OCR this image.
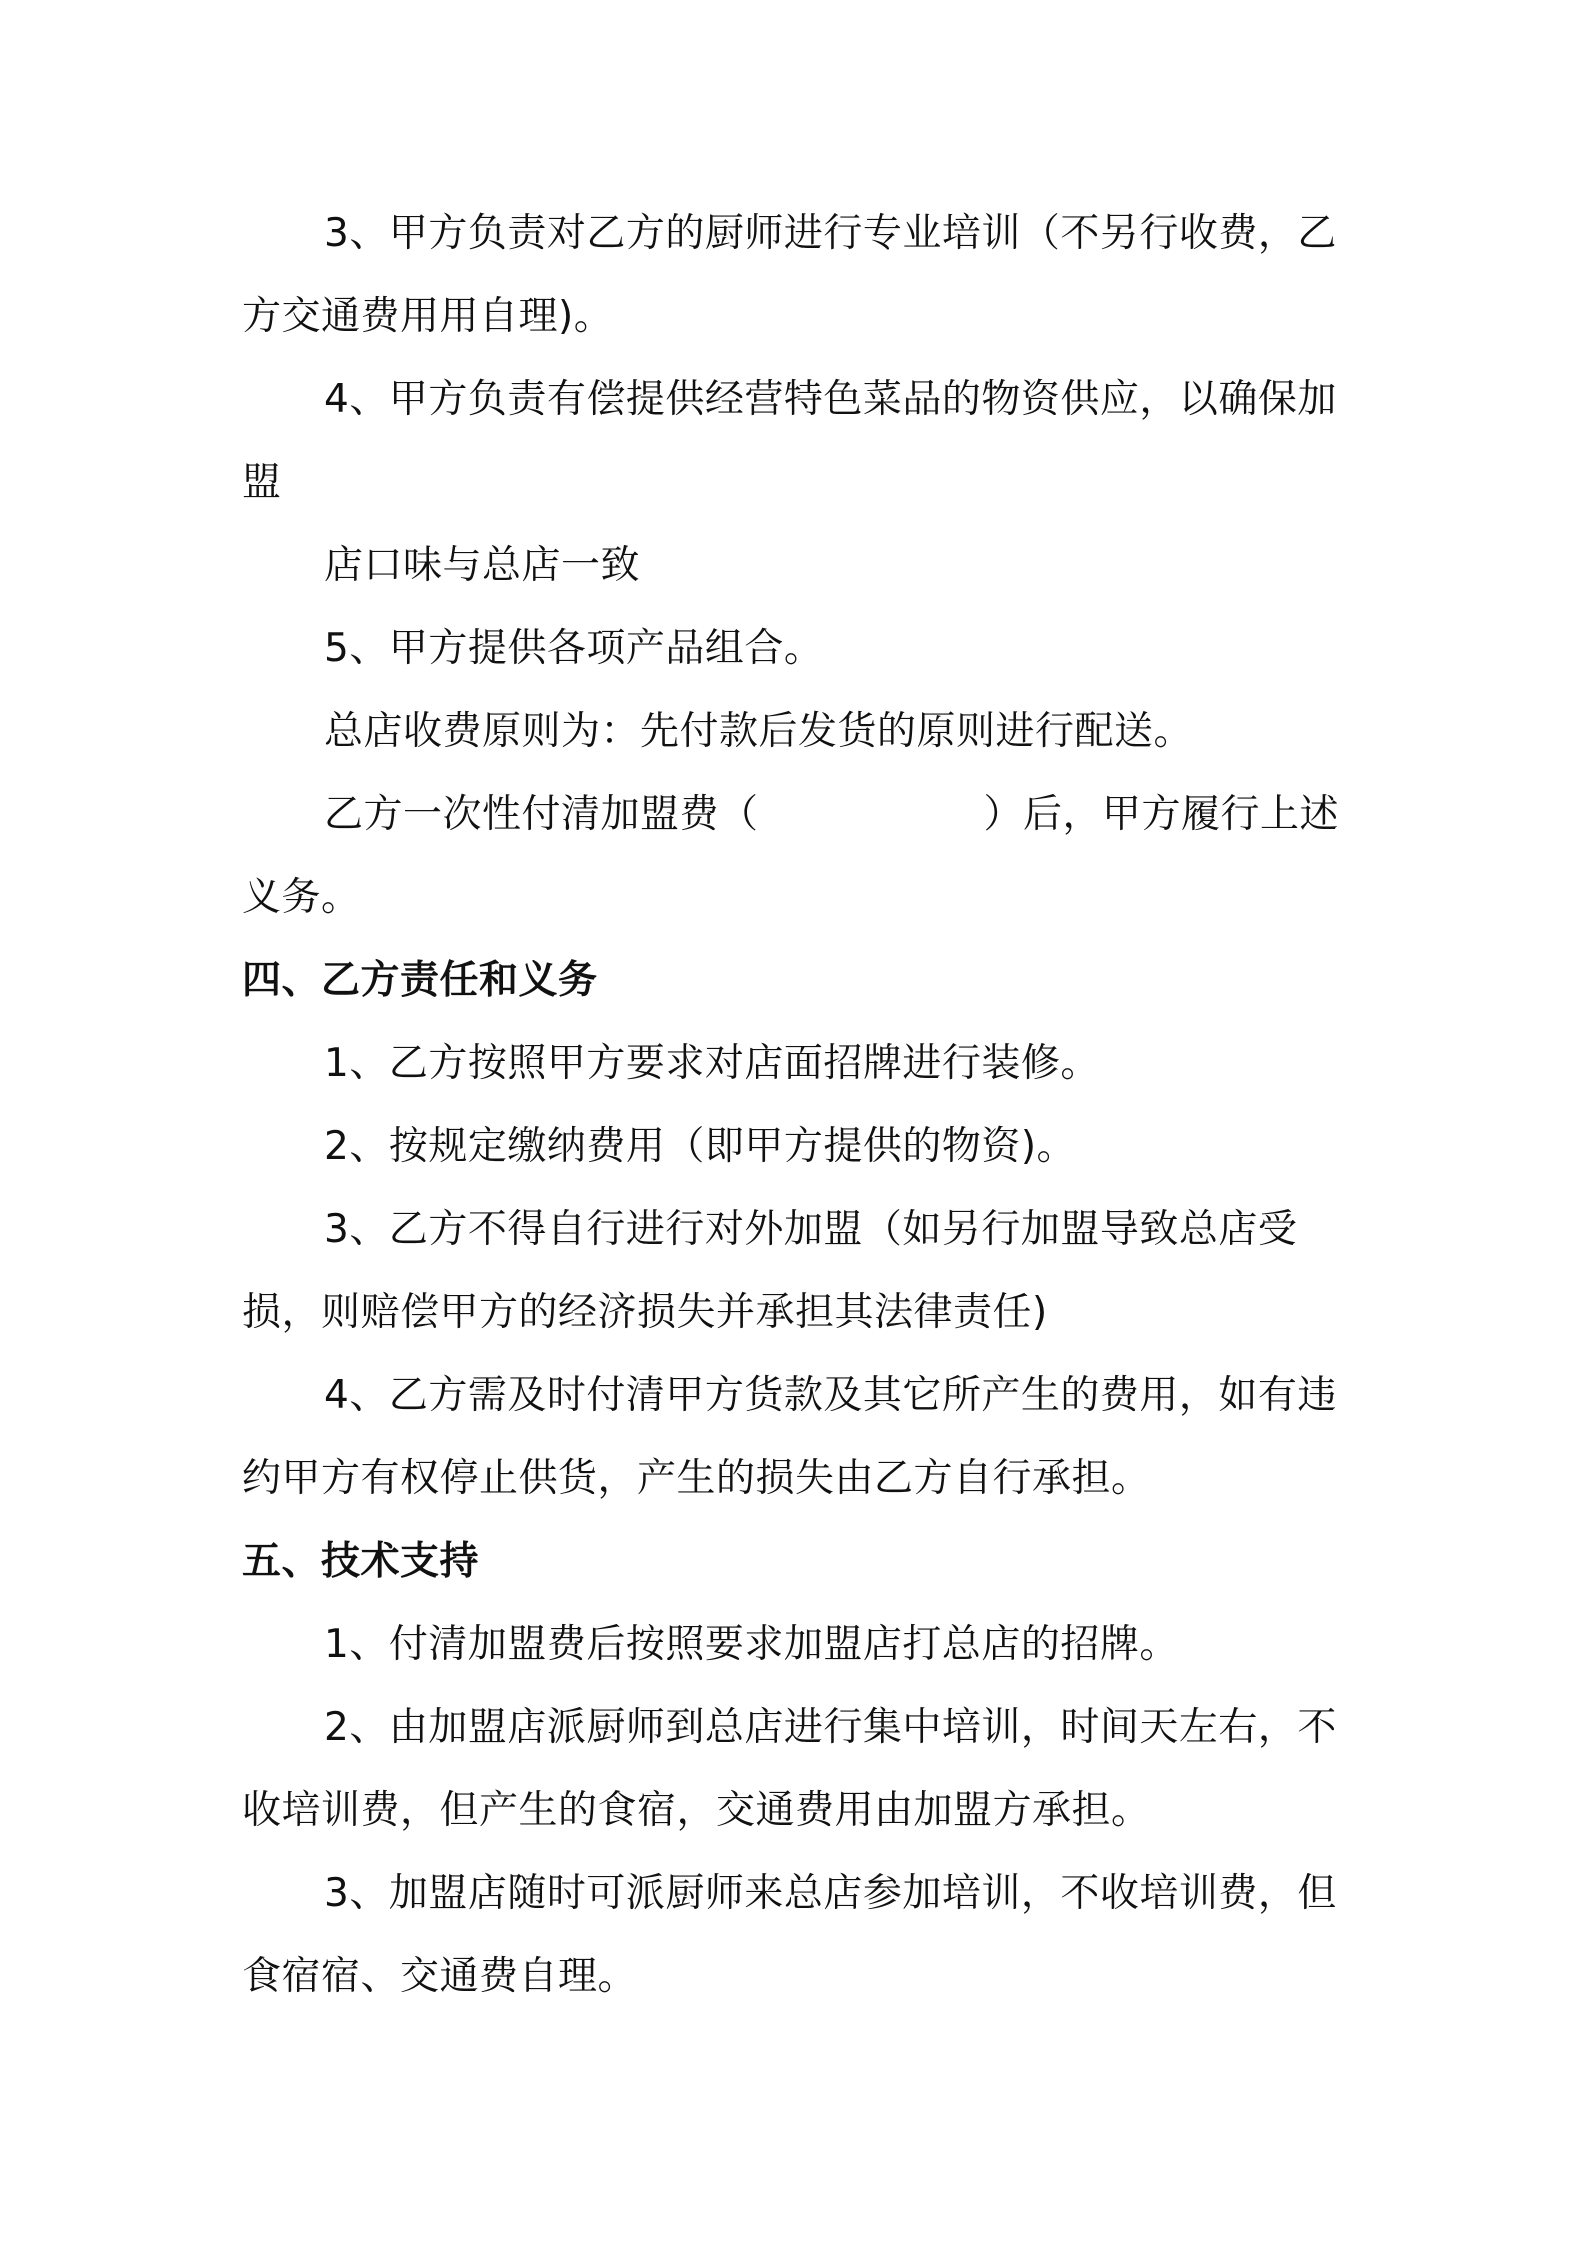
3、甲方负责对乙方的厨师进行专业培训（不另行收费，乙方交通费用用自理)。

4、甲方负责有偿提供经营特色菜品的物资供应，以确保加盟

店口味与总店一致

5、甲方提供各项产品组合。

总店收费原则为：先付款后发货的原则进行配送。

乙方一次性付清加盟费（	）后，甲方履行上述义务。

四、乙方责任和义务

1、乙方按照甲方要求对店面招牌进行装修。

2、按规定缴纳费用（即甲方提供的物资)。

3、乙方不得自行进行对外加盟（如另行加盟导致总店受损，则赔偿甲方的经济损失并承担其法律责任)

4、乙方需及时付清甲方货款及其它所产生的费用，如有违约甲方有权停止供货，产生的损失由乙方自行承担。

五、技术支持

1、付清加盟费后按照要求加盟店打总店的招牌。

2、由加盟店派厨师到总店进行集中培训，时间天左右，不收培训费，但产生的食宿，交通费用由加盟方承担。

3、加盟店随时可派厨师来总店参加培训，不收培训费，但食宿宿、交通费自理。
